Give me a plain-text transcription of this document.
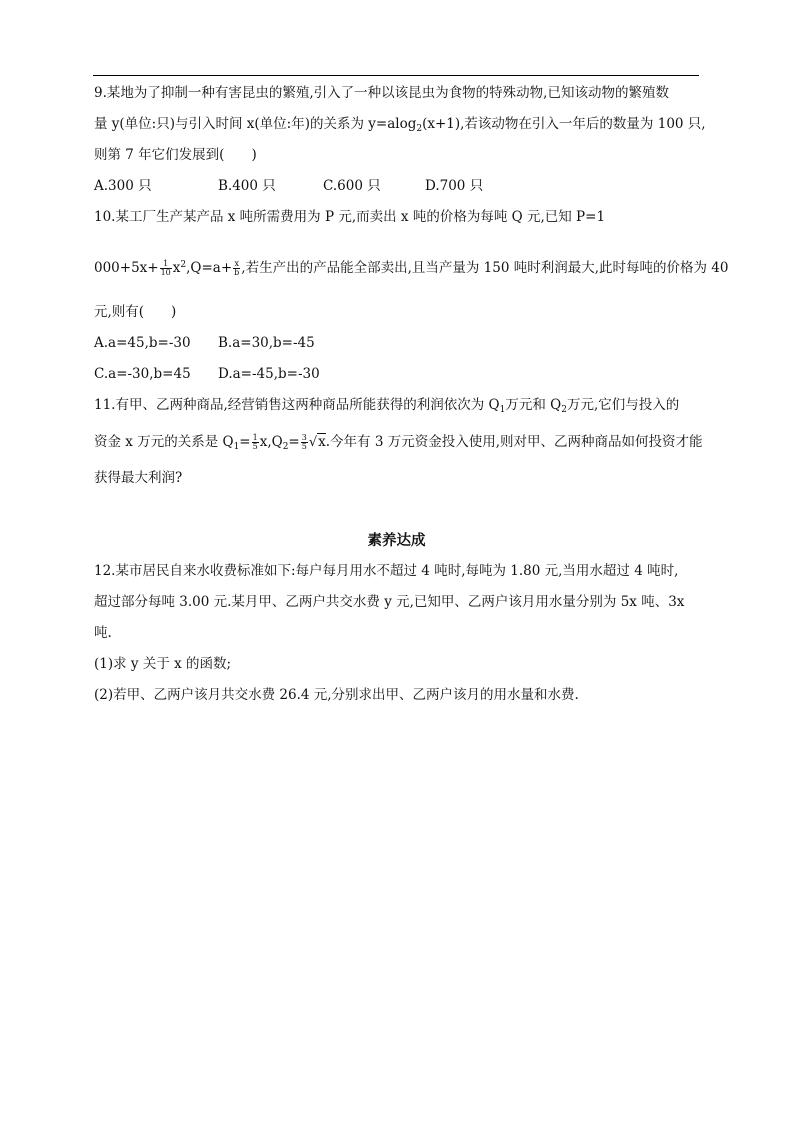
9.某地为了抑制一种有害昆虫的繁殖,引入了一种以该昆虫为食物的特殊动物,已知该动物的繁殖数
量 y(单位:只)与引入时间 x(单位:年)的关系为 y=alog$_2$(x+1),若该动物在引入一年后的数量为 100 只,
则第 7 年它们发展到(　　)
A.300 只	B.400 只	C.600 只	D.700 只
10.某工厂生产某产品 x 吨所需费用为 P 元,而卖出 x 吨的价格为每吨 Q 元,已知 P=1
$000+5x+ \frac{1}{10} x^2,Q=a+ \frac{x}{b}$ ,若生产出的产品能全部卖出,且当产量为 150 吨时利润最大,此时每吨的价格为 40
元,则有(　　)
A.a=45,b=-30 B.a=30,b=-45
C.a=-30,b=45 D.a=-45,b=-30
11.有甲、乙两种商品,经营销售这两种商品所能获得的利润依次为 $Q_1$万元和 $Q_2$万元,它们与投入的
资金 x 万元的关系是 $Q_1= \frac{1}{5} x,Q_2= \frac{3}{5} √x$.今年有 3 万元资金投入使用,则对甲、乙两种商品如何投资才能
获得最大利润?
素养达成
12.某市居民自来水收费标准如下:每户每月用水不超过 4 吨时,每吨为 1.80 元,当用水超过 4 吨时,
超过部分每吨 3.00 元.某月甲、乙两户共交水费 y 元,已知甲、乙两户该月用水量分别为 5x 吨、3x
吨.
(1)求 y 关于 x 的函数;
(2)若甲、乙两户该月共交水费 26.4 元,分别求出甲、乙两户该月的用水量和水费.
